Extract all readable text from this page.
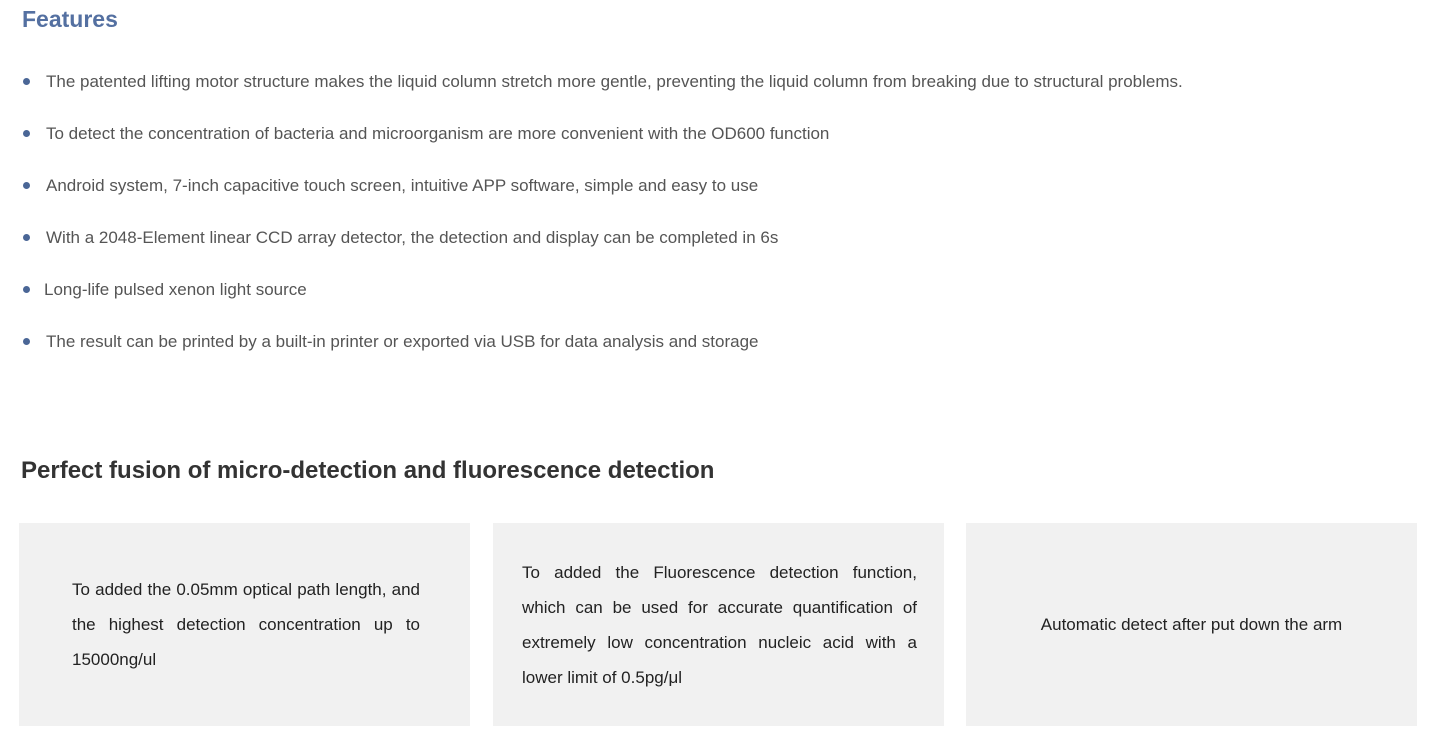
Features
The patented lifting motor structure makes the liquid column stretch more gentle, preventing the liquid column from breaking due to structural problems.
To detect the concentration of bacteria and microorganism are more convenient with the OD600 function
Android system, 7-inch capacitive touch screen, intuitive APP software, simple and easy to use
With a 2048-Element linear CCD array detector, the detection and display can be completed in 6s
Long-life pulsed xenon light source
The result can be printed by a built-in printer or exported via USB for data analysis and storage
Perfect fusion of micro-detection and fluorescence detection
To added the 0.05mm optical path length, and the highest detection concentration up to 15000ng/ul
To added the Fluorescence detection function, which can be used for accurate quantification of extremely low concentration nucleic acid with a lower limit of 0.5pg/μl
Automatic detect after put down the arm
